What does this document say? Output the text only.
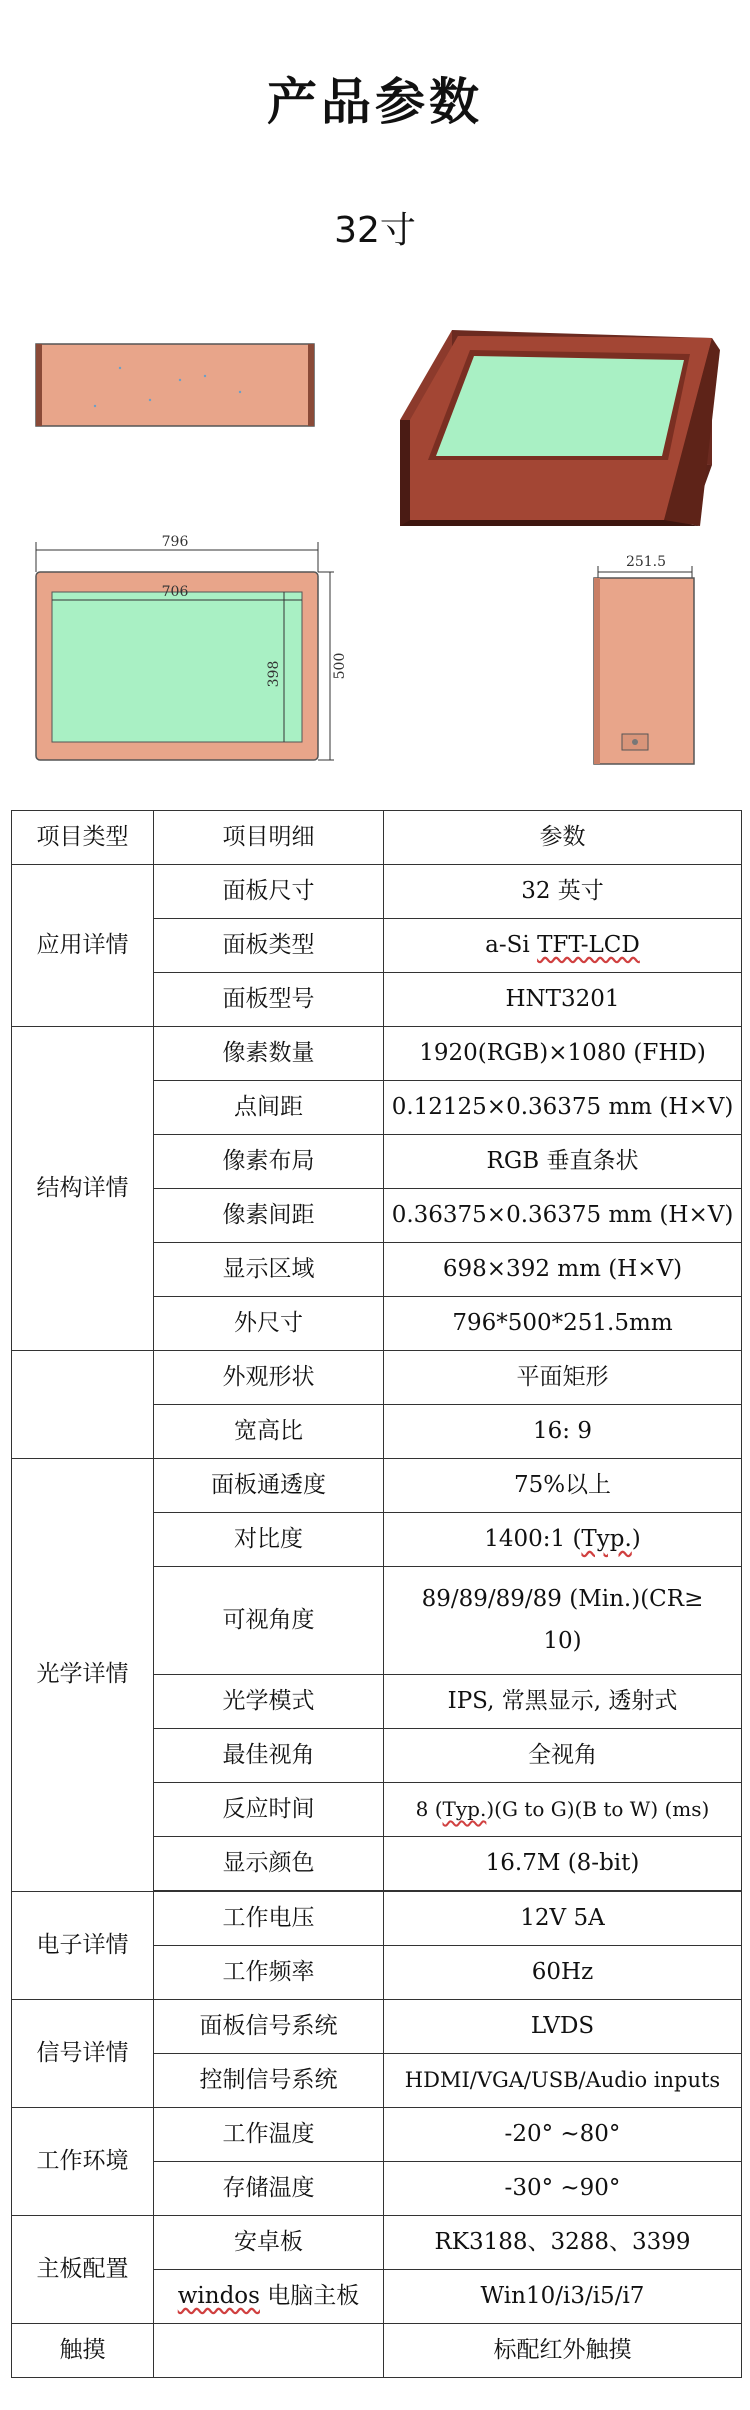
产品参数
32寸
796
706
398	500
251.5
项目类型	项目明细	参数
应用详情	面板尺寸	32 英寸
	面板类型	a-Si TFT-LCD
	面板型号	HNT3201
结构详情	像素数量	1920(RGB)×1080 (FHD)
	点间距	0.12125×0.36375 mm (H×V)
	像素布局	RGB 垂直条状
	像素间距	0.36375×0.36375 mm (H×V)
	显示区域	698×392 mm (H×V)
	外尺寸	796*500*251.5mm
	外观形状	平面矩形
	宽高比	16: 9
光学详情	面板通透度	75%以上
	对比度	1400:1 (Typ.)
	可视角度	89/89/89/89 (Min.)(CR≥ 10)
	光学模式	IPS, 常黑显示, 透射式
	最佳视角	全视角
	反应时间	8 (Typ.)(G to G)(B to W) (ms)
	显示颜色	16.7M (8-bit)

电子详情	工作电压	12V 5A
	工作频率	60Hz
信号详情	面板信号系统	LVDS
	控制信号系统	HDMI/VGA/USB/Audio inputs
工作环境	工作温度	-20° ~80°
	存储温度	-30° ~90°
主板配置	安卓板	RK3188、3288、3399
	windos 电脑主板	Win10/i3/i5/i7
触摸		标配红外触摸
